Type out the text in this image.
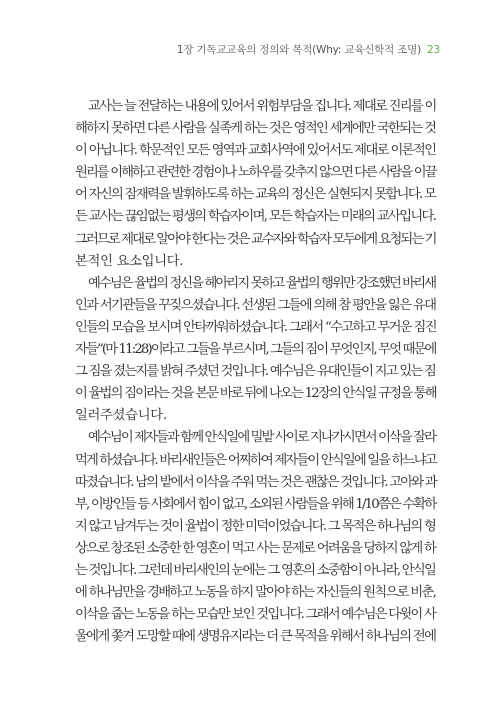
1장 기독교교육의 정의와 목적(Why: 교육신학적 조명) 23
교사는 늘 전달하는 내용에 있어서 위험부담을 집니다. 제대로 진리를 이
해하지 못하면 다른 사람을 실족케 하는 것은 영적인 세계에만 국한되는 것
이 아닙니다. 학문적인 모든 영역과 교회사역에 있어서도 제대로 이론적인
원리를 이해하고 관련한 경험이나 노하우를 갖추지 않으면 다른 사람을 이끌
어 자신의 잠재력을 발휘하도록 하는 교육의 정신은 실현되지 못합니다. 모
든 교사는 끊임없는 평생의 학습자이며, 모든 학습자는 미래의 교사입니다.
그러므로 제대로 알아야 한다는 것은 교수자와 학습자 모두에게 요청되는 기
본적인 요소입니다.
예수님은 율법의 정신을 헤아리지 못하고 율법의 행위만 강조했던 바리새
인과 서기관들을 꾸짖으셨습니다. 선생된 그들에 의해 참 평안을 잃은 유대
인들의 모습을 보시며 안타까워하셨습니다. 그래서 “수고하고 무거운 짐진
자들”(마 11:28)이라고 그들을 부르시며, 그들의 짐이 무엇인지, 무엇 때문에
그 짐을 졌는지를 밝혀 주셨던 것입니다. 예수님은 유대인들이 지고 있는 짐
이 율법의 짐이라는 것을 본문 바로 뒤에 나오는 12장의 안식일 규정을 통해
일러주셨습니다.
예수님이 제자들과 함께 안식일에 밀밭 사이로 지나가시면서 이삭을 잘라
먹게 하셨습니다. 바리새인들은 어찌하여 제자들이 안식일에 일을 하느냐고
따졌습니다. 남의 밭에서 이삭을 주워 먹는 것은 괜찮은 것입니다. 고아와 과
부, 이방인들 등 사회에서 힘이 없고, 소외된 사람들을 위해 1/10쯤은 수확하
지 않고 남겨두는 것이 율법이 정한 미덕이었습니다. 그 목적은 하나님의 형
상으로 창조된 소중한 한 영혼이 먹고 사는 문제로 어려움을 당하지 않게 하
는 것입니다. 그런데 바리새인의 눈에는 그 영혼의 소중함이 아니라, 안식일
에 하나님만을 경배하고 노동을 하지 말아야 하는 자신들의 원칙으로 비춘,
이삭을 줍는 노동을 하는 모습만 보인 것입니다. 그래서 예수님은 다윗이 사
울에게 쫓겨 도망할 때에 생명유지라는 더 큰 목적을 위해서 하나님의 전에
